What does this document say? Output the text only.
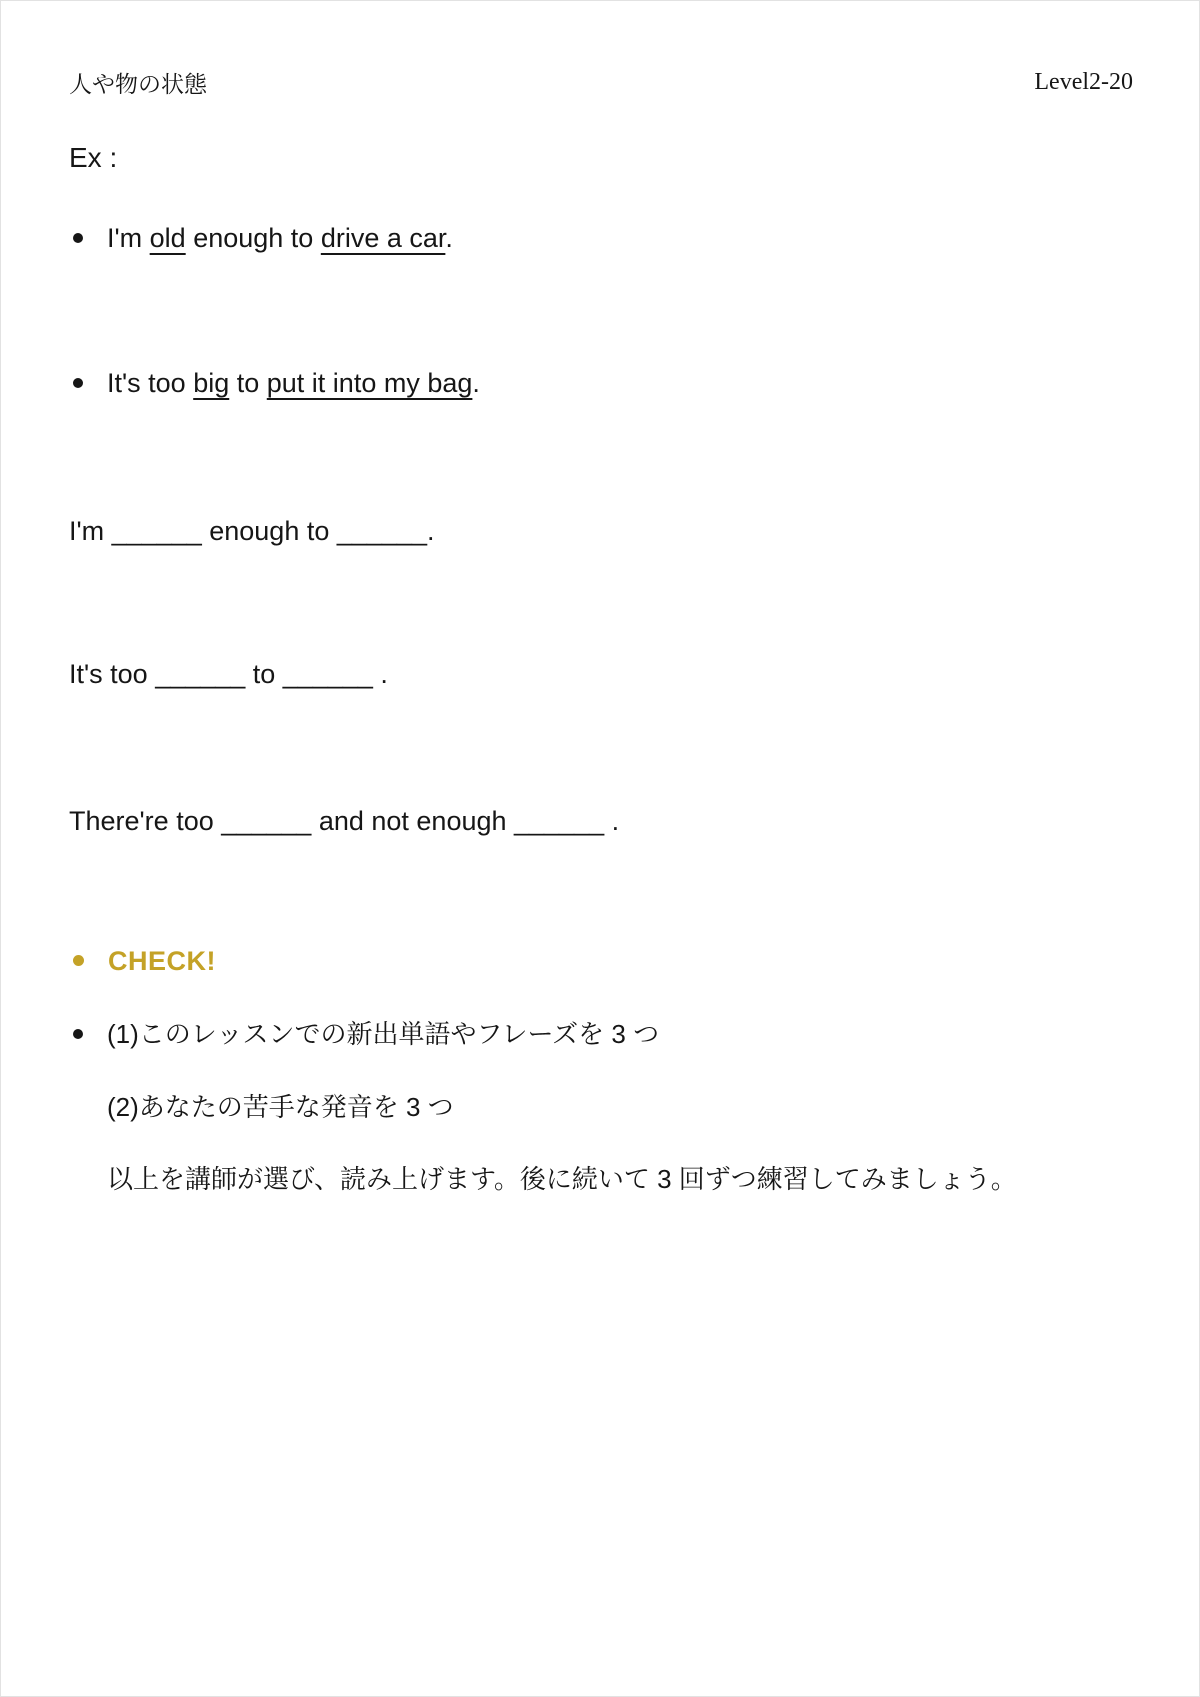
人や物の状態	Level2-20
Ex :
I'm old enough to drive a car.
It's too big to put it into my bag.
I'm ______ enough to ______.
It's too ______ to ______ .
There're too ______ and not enough ______ .
CHECK!
(1)このレッスンでの新出単語やフレーズを 3 つ
(2)あなたの苦手な発音を 3 つ
以上を講師が選び、読み上げます。後に続いて 3 回ずつ練習してみましょう。
